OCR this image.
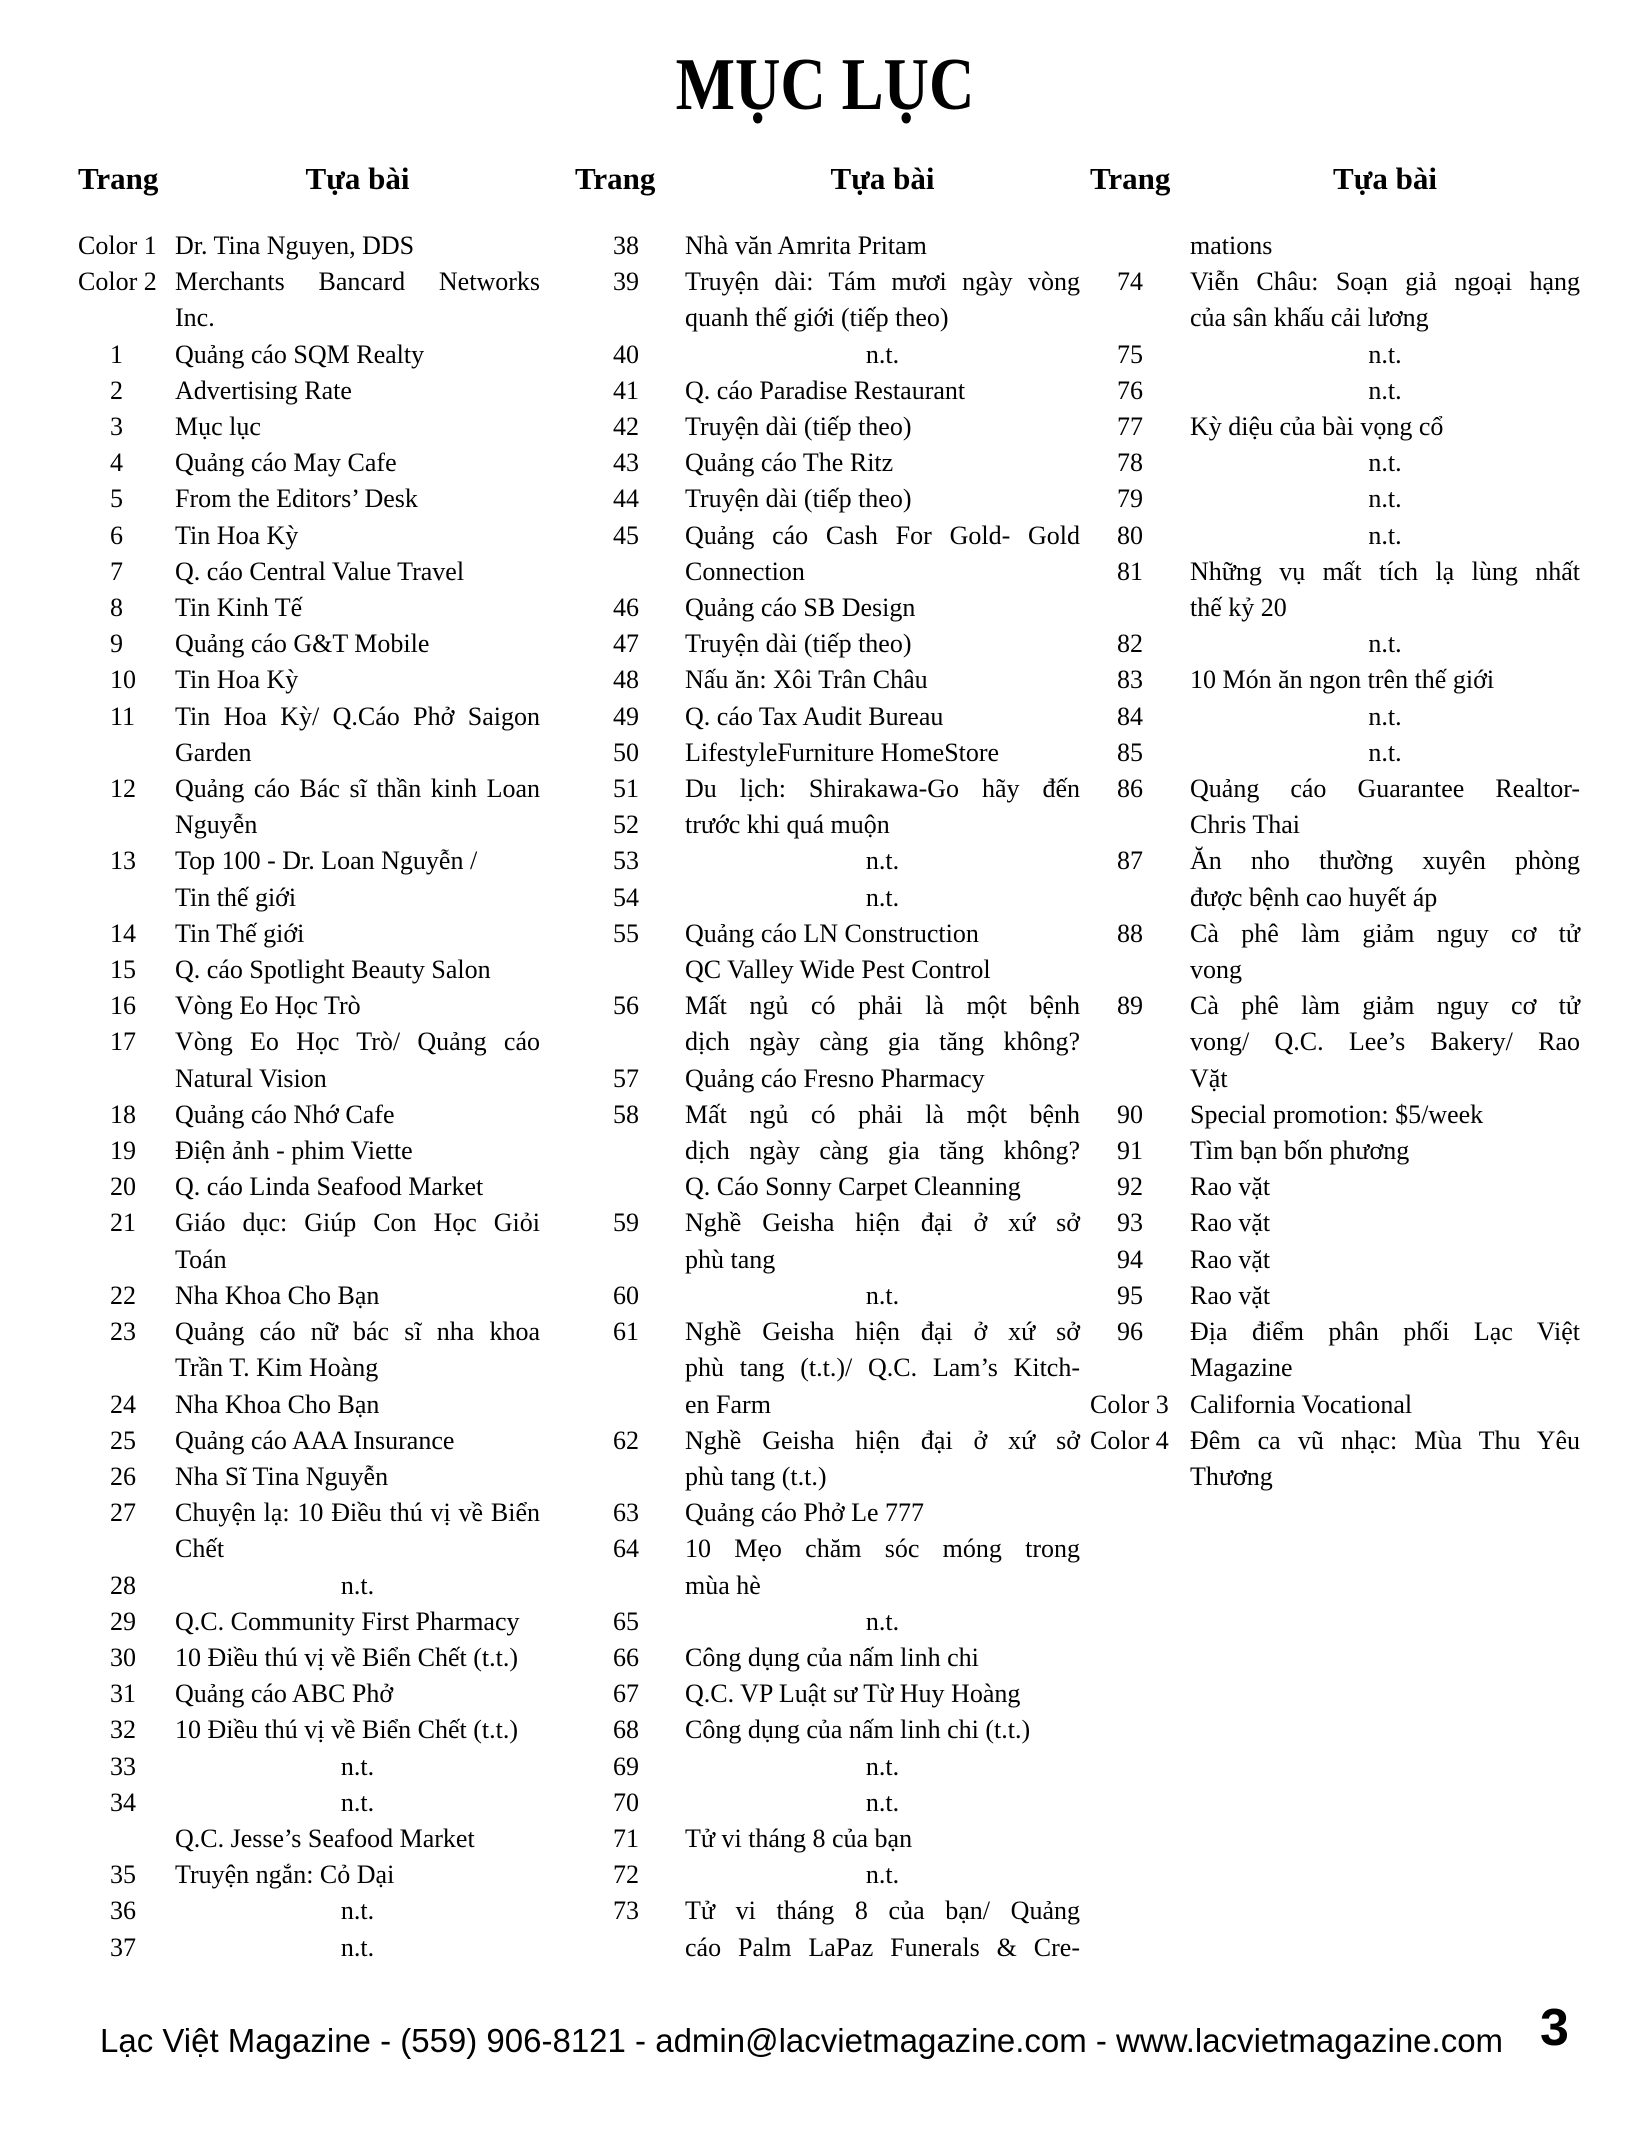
MỤC LỤC
Trang	Tựa bài	Trang	Tựa bài	Trang	Tựa bài
Color 1 Dr. Tina Nguyen, DDS
Color 2 Merchants Bancard Networks
Inc.
1	Quảng cáo SQM Realty
2	Advertising Rate
3	Mục lục
4	Quảng cáo May Cafe
5	From the Editors’ Desk
6	Tin Hoa Kỳ
7	Q. cáo Central Value Travel
8	Tin Kinh Tế
9	Quảng cáo G&T Mobile
10	Tin Hoa Kỳ
11	Tin Hoa Kỳ/ Q.Cáo Phở Saigon
Garden
12	Quảng cáo Bác sĩ thần kinh Loan
Nguyễn
13	Top 100 - Dr. Loan Nguyễn /
Tin thế giới
14	Tin Thế giới
15	Q. cáo Spotlight Beauty Salon
16	Vòng Eo Học Trò
17	Vòng Eo Học Trò/ Quảng cáo
Natural Vision
18	Quảng cáo Nhớ Cafe
19	Điện ảnh - phim Viette
20	Q. cáo Linda Seafood Market
21	Giáo dục: Giúp Con Học Giỏi
Toán
22	Nha Khoa Cho Bạn
23	Quảng cáo nữ bác sĩ nha khoa
Trần T. Kim Hoàng
24	Nha Khoa Cho Bạn
25	Quảng cáo AAA Insurance
26	Nha Sĩ Tina Nguyễn
27	Chuyện lạ: 10 Điều thú vị về Biển
Chết
28	n.t.
29	Q.C. Community First Pharmacy
30	10 Điều thú vị về Biển Chết (t.t.)
31	Quảng cáo ABC Phở
32	10 Điều thú vị về Biển Chết (t.t.)
33	n.t.
34	n.t.
Q.C. Jesse’s Seafood Market
35	Truyện ngắn: Cỏ Dại
36	n.t.
37	n.t.
38	Nhà văn Amrita Pritam
39	Truyện dài: Tám mươi ngày vòng
quanh thế giới (tiếp theo)
40	n.t.
41	Q. cáo Paradise Restaurant
42	Truyện dài (tiếp theo)
43	Quảng cáo The Ritz
44	Truyện dài (tiếp theo)
45	Quảng cáo Cash For Gold- Gold
Connection
46	Quảng cáo SB Design
47	Truyện dài (tiếp theo)
48	Nấu ăn: Xôi Trân Châu
49	Q. cáo Tax Audit Bureau
50	LifestyleFurniture HomeStore
51	Du lịch: Shirakawa-Go hãy đến
52	trước khi quá muộn
53	n.t.
54	n.t.
55	Quảng cáo LN Construction
QC Valley Wide Pest Control
56	Mất ngủ có phải là một bệnh
dịch ngày càng gia tăng không?
57	Quảng cáo Fresno Pharmacy
58	Mất ngủ có phải là một bệnh
dịch ngày càng gia tăng không?
Q. Cáo Sonny Carpet Cleanning
59	Nghề Geisha hiện đại ở xứ sở
phù tang
60	n.t.
61	Nghề Geisha hiện đại ở xứ sở
phù tang (t.t.)/ Q.C. Lam’s Kitch-
en Farm
62	Nghề Geisha hiện đại ở xứ sở
phù tang (t.t.)
63	Quảng cáo Phở Le 777
64	10 Mẹo chăm sóc móng trong
mùa hè
65	n.t.
66	Công dụng của nấm linh chi
67	Q.C. VP Luật sư Từ Huy Hoàng
68	Công dụng của nấm linh chi (t.t.)
69	n.t.
70	n.t.
71	Tử vi tháng 8 của bạn
72	n.t.
73	Tử vi tháng 8 của bạn/ Quảng
cáo Palm LaPaz Funerals & Cre-
mations
74	Viễn Châu: Soạn giả ngoại hạng
của sân khấu cải lương
75	n.t.
76	n.t.
77	Kỳ diệu của bài vọng cổ
78	n.t.
79	n.t.
80	n.t.
81	Những vụ mất tích lạ lùng nhất
thế kỷ 20
82	n.t.
83	10 Món ăn ngon trên thế giới
84	n.t.
85	n.t.
86	Quảng cáo Guarantee Realtor-
Chris Thai
87	Ăn nho thường xuyên phòng
được bệnh cao huyết áp
88	Cà phê làm giảm nguy cơ tử
vong
89	Cà phê làm giảm nguy cơ tử
vong/ Q.C. Lee’s Bakery/ Rao
Vặt
90	Special promotion: $5/week
91	Tìm bạn bốn phương
92	Rao vặt
93	Rao vặt
94	Rao vặt
95	Rao vặt
96	Địa điểm phân phối Lạc Việt
Magazine
Color 3 California Vocational
Color 4 Đêm ca vũ nhạc: Mùa Thu Yêu
Thương
Lạc Việt Magazine - (559) 906-8121 - admin@lacvietmagazine.com - www.lacvietmagazine.com 3
